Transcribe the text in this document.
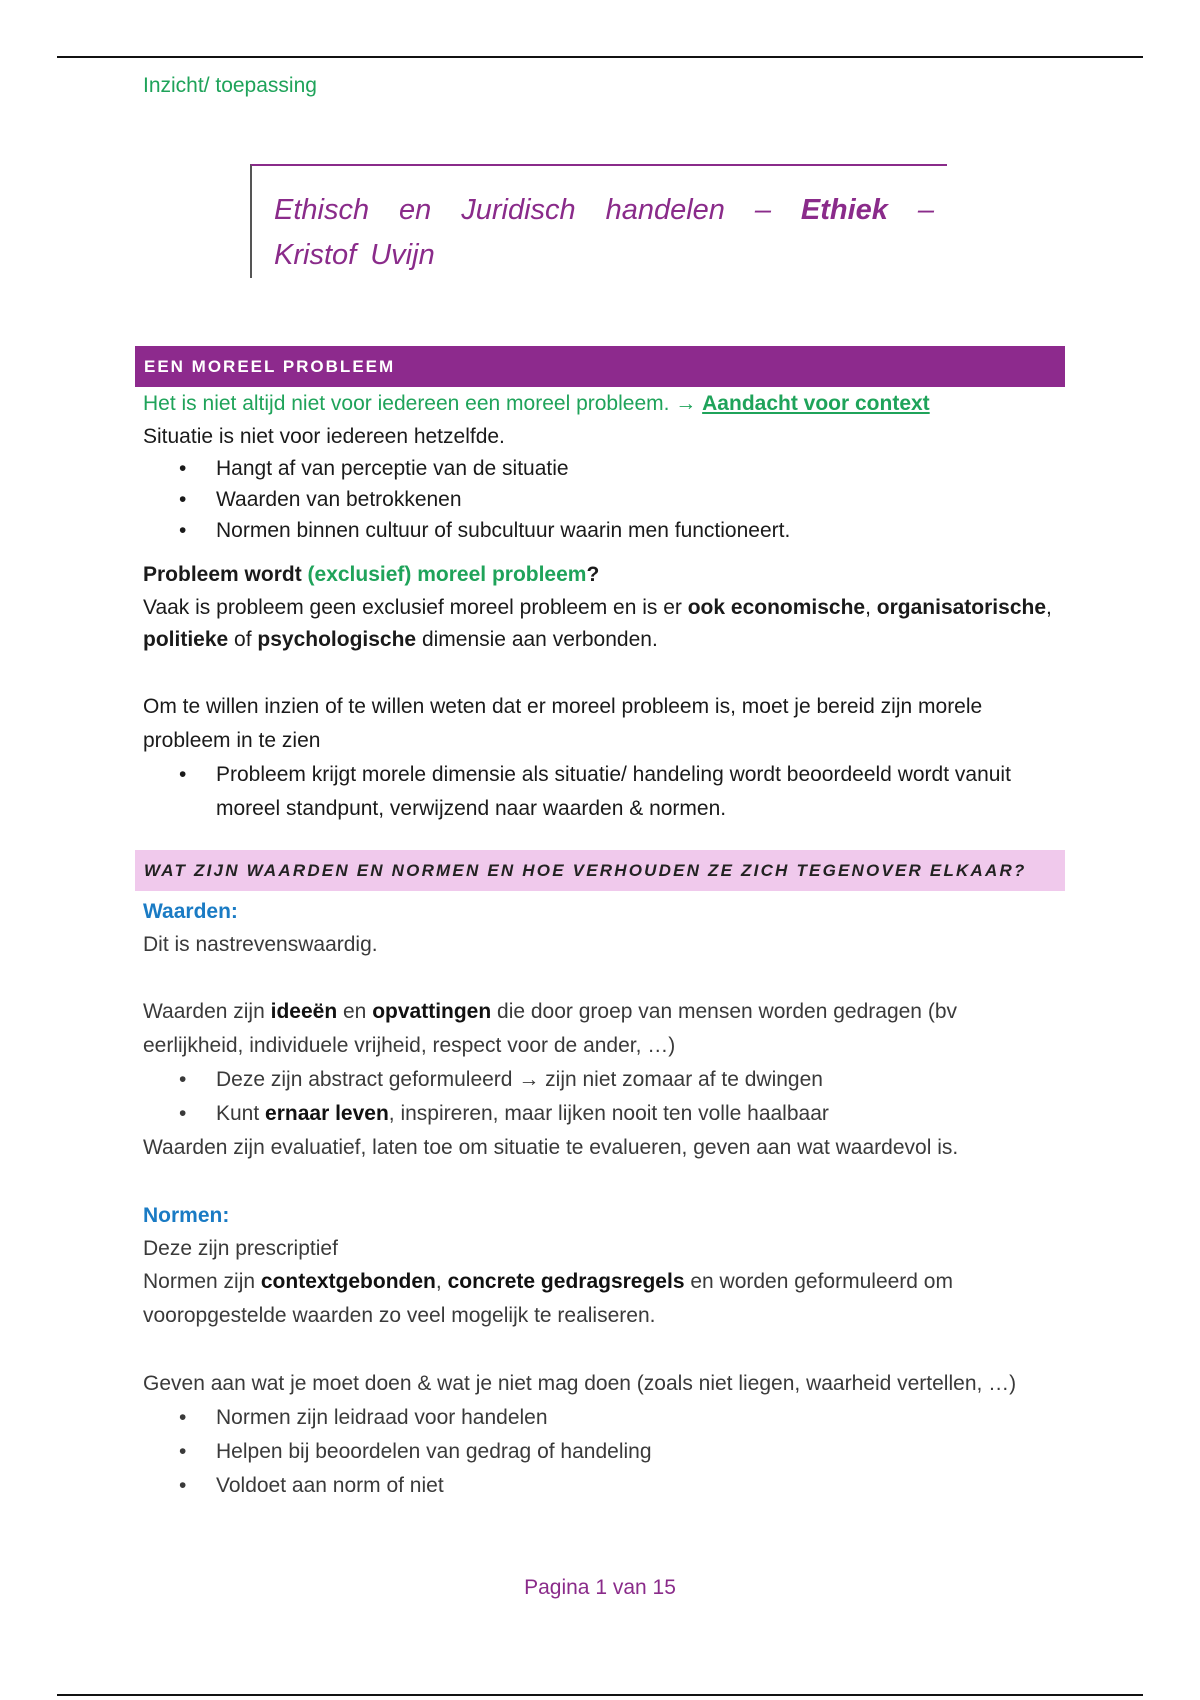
Inzicht/ toepassing
Ethisch en Juridisch handelen – Ethiek – Kristof Uvijn
EEN MOREEL PROBLEEM
Het is niet altijd niet voor iedereen een moreel probleem. → Aandacht voor context
Situatie is niet voor iedereen hetzelfde.
• Hangt af van perceptie van de situatie
• Waarden van betrokkenen
• Normen binnen cultuur of subcultuur waarin men functioneert.
Probleem wordt (exclusief) moreel probleem?
Vaak is probleem geen exclusief moreel probleem en is er ook economische, organisatorische, politieke of psychologische dimensie aan verbonden.
Om te willen inzien of te willen weten dat er moreel probleem is, moet je bereid zijn morele probleem in te zien
• Probleem krijgt morele dimensie als situatie/ handeling wordt beoordeeld wordt vanuit moreel standpunt, verwijzend naar waarden & normen.
WAT ZIJN WAARDEN EN NORMEN EN HOE VERHOUDEN ZE ZICH TEGENOVER ELKAAR?
Waarden:
Dit is nastrevenswaardig.
Waarden zijn ideeën en opvattingen die door groep van mensen worden gedragen (bv eerlijkheid, individuele vrijheid, respect voor de ander, …)
• Deze zijn abstract geformuleerd → zijn niet zomaar af te dwingen
• Kunt ernaar leven, inspireren, maar lijken nooit ten volle haalbaar
Waarden zijn evaluatief, laten toe om situatie te evalueren, geven aan wat waardevol is.
Normen:
Deze zijn prescriptief
Normen zijn contextgebonden, concrete gedragsregels en worden geformuleerd om vooropgestelde waarden zo veel mogelijk te realiseren.
Geven aan wat je moet doen & wat je niet mag doen (zoals niet liegen, waarheid vertellen, …)
• Normen zijn leidraad voor handelen
• Helpen bij beoordelen van gedrag of handeling
• Voldoet aan norm of niet
Pagina 1 van 15
